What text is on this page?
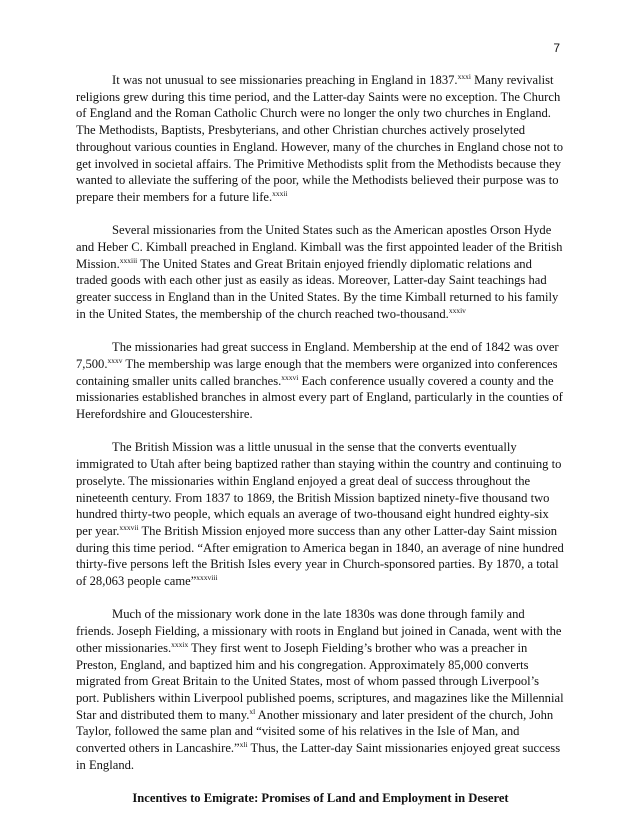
7

It was not unusual to see missionaries preaching in England in 1837.$^{xxxi}$ Many revivalist religions grew during this time period, and the Latter-day Saints were no exception. The Church of England and the Roman Catholic Church were no longer the only two churches in England. The Methodists, Baptists, Presbyterians, and other Christian churches actively proselyted throughout various counties in England. However, many of the churches in England chose not to get involved in societal affairs. The Primitive Methodists split from the Methodists because they wanted to alleviate the suffering of the poor, while the Methodists believed their purpose was to prepare their members for a future life.$^{xxxii}$

Several missionaries from the United States such as the American apostles Orson Hyde and Heber C. Kimball preached in England. Kimball was the first appointed leader of the British Mission.$^{xxxiii}$ The United States and Great Britain enjoyed friendly diplomatic relations and traded goods with each other just as easily as ideas. Moreover, Latter-day Saint teachings had greater success in England than in the United States. By the time Kimball returned to his family in the United States, the membership of the church reached two-thousand.$^{xxxiv}$

The missionaries had great success in England. Membership at the end of 1842 was over 7,500.$^{xxxv}$ The membership was large enough that the members were organized into conferences containing smaller units called branches.$^{xxxvi}$ Each conference usually covered a county and the missionaries established branches in almost every part of England, particularly in the counties of Herefordshire and Gloucestershire.

The British Mission was a little unusual in the sense that the converts eventually immigrated to Utah after being baptized rather than staying within the country and continuing to proselyte. The missionaries within England enjoyed a great deal of success throughout the nineteenth century. From 1837 to 1869, the British Mission baptized ninety-five thousand two hundred thirty-two people, which equals an average of two-thousand eight hundred eighty-six per year.$^{xxxvii}$ The British Mission enjoyed more success than any other Latter-day Saint mission during this time period. “After emigration to America began in 1840, an average of nine hundred thirty-five persons left the British Isles every year in Church-sponsored parties. By 1870, a total of 28,063 people came”$^{xxxviii}$

Much of the missionary work done in the late 1830s was done through family and friends. Joseph Fielding, a missionary with roots in England but joined in Canada, went with the other missionaries.$^{xxxix}$ They first went to Joseph Fielding’s brother who was a preacher in Preston, England, and baptized him and his congregation. Approximately 85,000 converts migrated from Great Britain to the United States, most of whom passed through Liverpool’s port. Publishers within Liverpool published poems, scriptures, and magazines like the Millennial Star and distributed them to many.$^{xl}$ Another missionary and later president of the church, John Taylor, followed the same plan and “visited some of his relatives in the Isle of Man, and converted others in Lancashire.”$^{xli}$ Thus, the Latter-day Saint missionaries enjoyed great success in England.

Incentives to Emigrate: Promises of Land and Employment in Deseret
